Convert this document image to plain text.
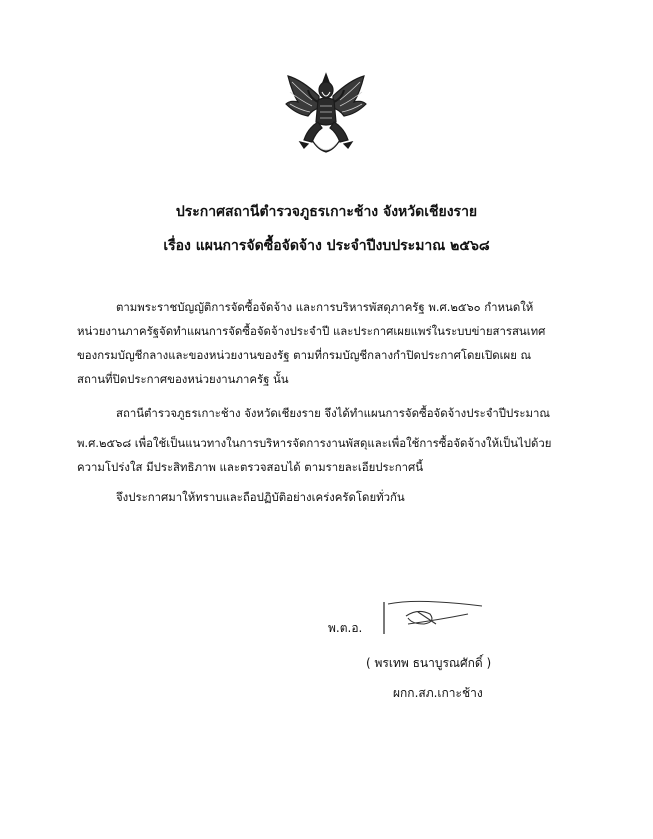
ประกาศสถานีตำรวจภูธรเกาะช้าง จังหวัดเชียงราย
เรื่อง แผนการจัดซื้อจัดจ้าง ประจำปีงบประมาณ ๒๕๖๘
ตามพระราชบัญญัติการจัดซื้อจัดจ้าง และการบริหารพัสดุภาครัฐ พ.ศ.๒๕๖๐ กำหนดให้
หน่วยงานภาครัฐจัดทำแผนการจัดซื้อจัดจ้างประจำปี และประกาศเผยแพร่ในระบบข่ายสารสนเทศ
ของกรมบัญชีกลางและของหน่วยงานของรัฐ ตามที่กรมบัญชีกลางกำปิดประกาศโดยเปิดเผย ณ
สถานที่ปิดประกาศของหน่วยงานภาครัฐ นั้น
สถานีตำรวจภูธรเกาะช้าง จังหวัดเชียงราย จึงได้ทำแผนการจัดซื้อจัดจ้างประจำปีประมาณ
พ.ศ.๒๕๖๘ เพื่อใช้เป็นแนวทางในการบริหารจัดการงานพัสดุและเพื่อใช้การซื้อจัดจ้างให้เป็นไปด้วย
ความโปร่งใส มีประสิทธิภาพ และตรวจสอบได้ ตามรายละเอียประกาศนี้
จึงประกาศมาให้ทราบและถือปฏิบัติอย่างเคร่งครัดโดยทั่วกัน
พ.ต.อ.
( พรเทพ ธนาบูรณศักดิ์ )
ผกก.สภ.เกาะช้าง
